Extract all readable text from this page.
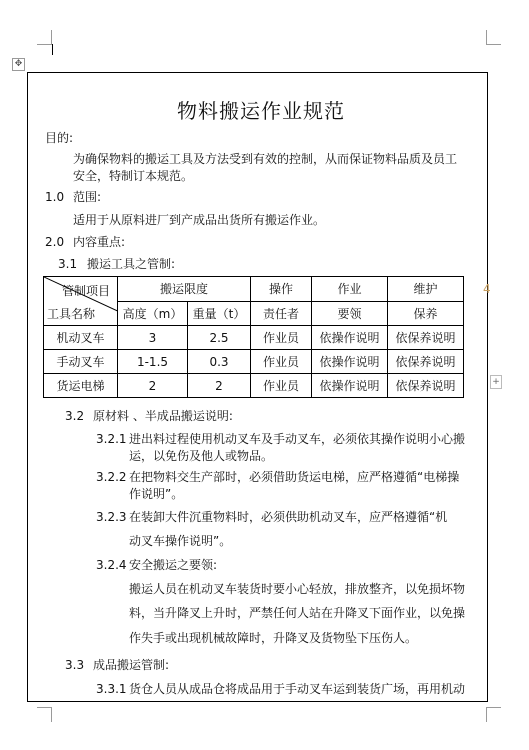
✥
+
4
物料搬运作业规范
目的:
为确保物料的搬运工具及方法受到有效的控制，从而保证物料品质及员工
安全，特制订本规范。
1.0 范围:
适用于从原料进厂到产成品出货所有搬运作业。
2.0 内容重点:
3.1 搬运工具之管制:
管制项目
工具名称	搬运限度		操作	作业	维护
	高度（m）	重量（t）	责任者	要领	保养
机动叉车	3	2.5	作业员	依操作说明	依保养说明
手动叉车	1-1.5	0.3	作业员	依操作说明	依保养说明
货运电梯	2	2	作业员	依操作说明	依保养说明
3.2 原材料 、半成品搬运说明:
3.2.1 进出料过程使用机动叉车及手动叉车，必须依其操作说明小心搬
运，以免伤及他人或物品。
3.2.2 在把物料交生产部时，必须借助货运电梯，应严格遵循“电梯操
作说明”。
3.2.3 在装卸大件沉重物料时，必须供助机动叉车，应严格遵循“机
动叉车操作说明”。
3.2.4 安全搬运之要领:
搬运人员在机动叉车装货时要小心轻放，排放整齐，以免损坏物
料，当升降叉上升时，严禁任何人站在升降叉下面作业，以免操
作失手或出现机械故障时，升降叉及货物坠下压伤人。
3.3 成品搬运管制:
3.3.1 货仓人员从成品仓将成品用于手动叉车运到装货广场，再用机动
